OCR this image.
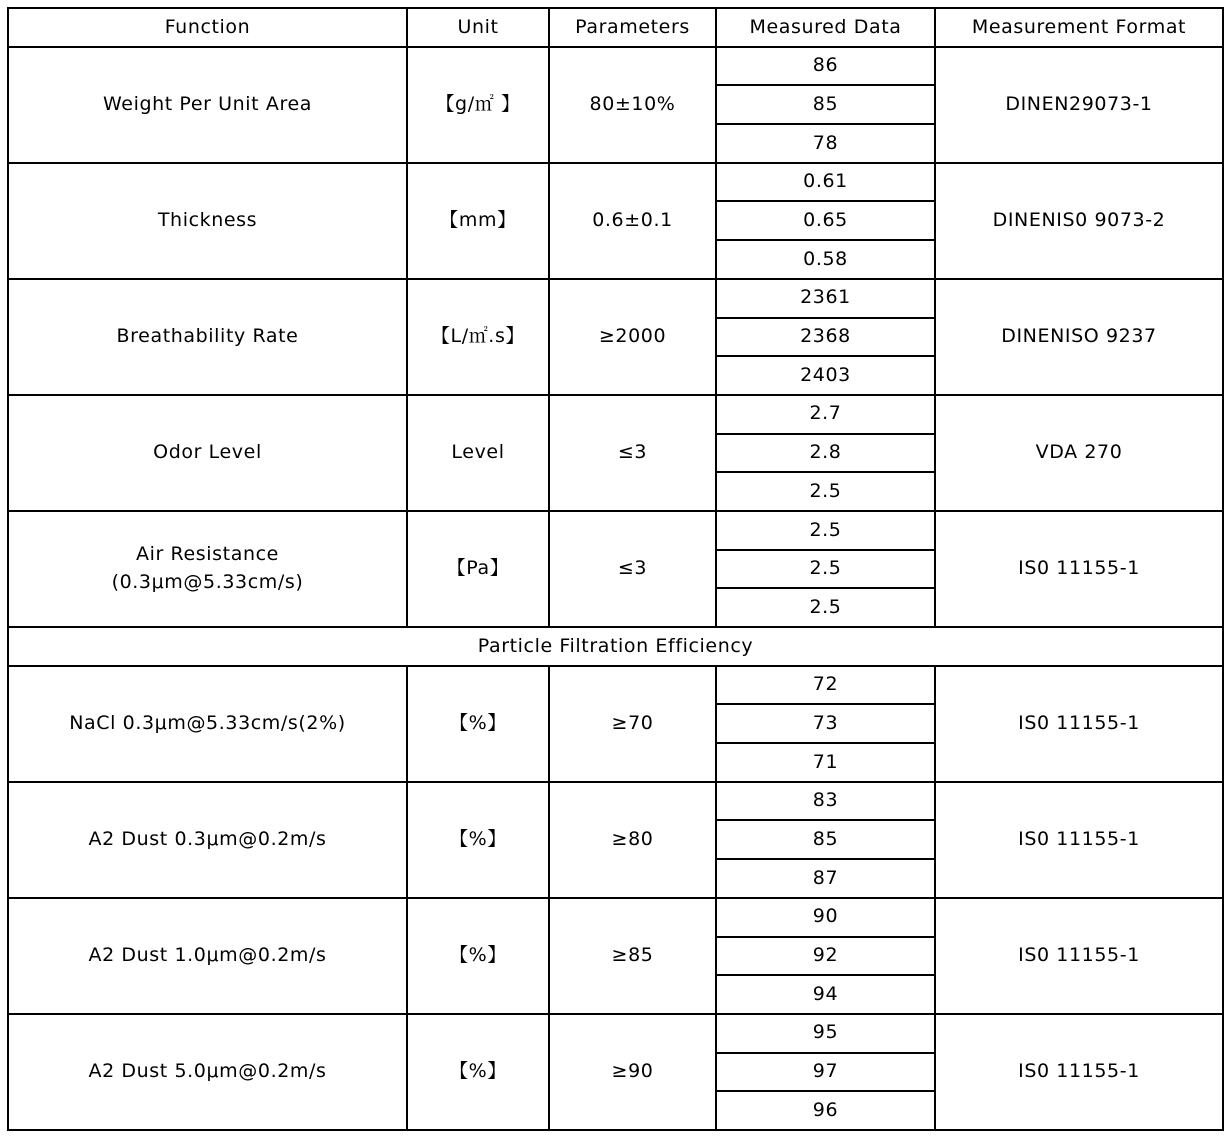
Function	Unit	Parameters	Measured Data	Measurement Format
Weight Per Unit Area	【g/㎡ 】	80±10%	86	DINEN29073-1
			85	
			78	
Thickness	【mm】	0.6±0.1	0.61	DINENIS0 9073-2
			0.65	
			0.58	
Breathability Rate	【L/㎡.s】	≥2000	2361	DINENISO 9237
			2368	
			2403	
Odor Level	Level	≤3	2.7	VDA 270
			2.8	
			2.5	

Air Resistance
(0.3μm@5.33cm/s)	【Pa】	≤3	2.5	IS0 11155-1
			2.5	
			2.5	
Particle Filtration Efficiency				
NaCl 0.3μm@5.33cm/s(2%)	【%】	≥70	72	IS0 11155-1
			73	
			71	
A2 Dust 0.3μm@0.2m/s	【%】	≥80	83	IS0 11155-1
			85	
			87	
A2 Dust 1.0μm@0.2m/s	【%】	≥85	90	IS0 11155-1
			92	
			94	
A2 Dust 5.0μm@0.2m/s	【%】	≥90	95	IS0 11155-1
			97	
			96	
